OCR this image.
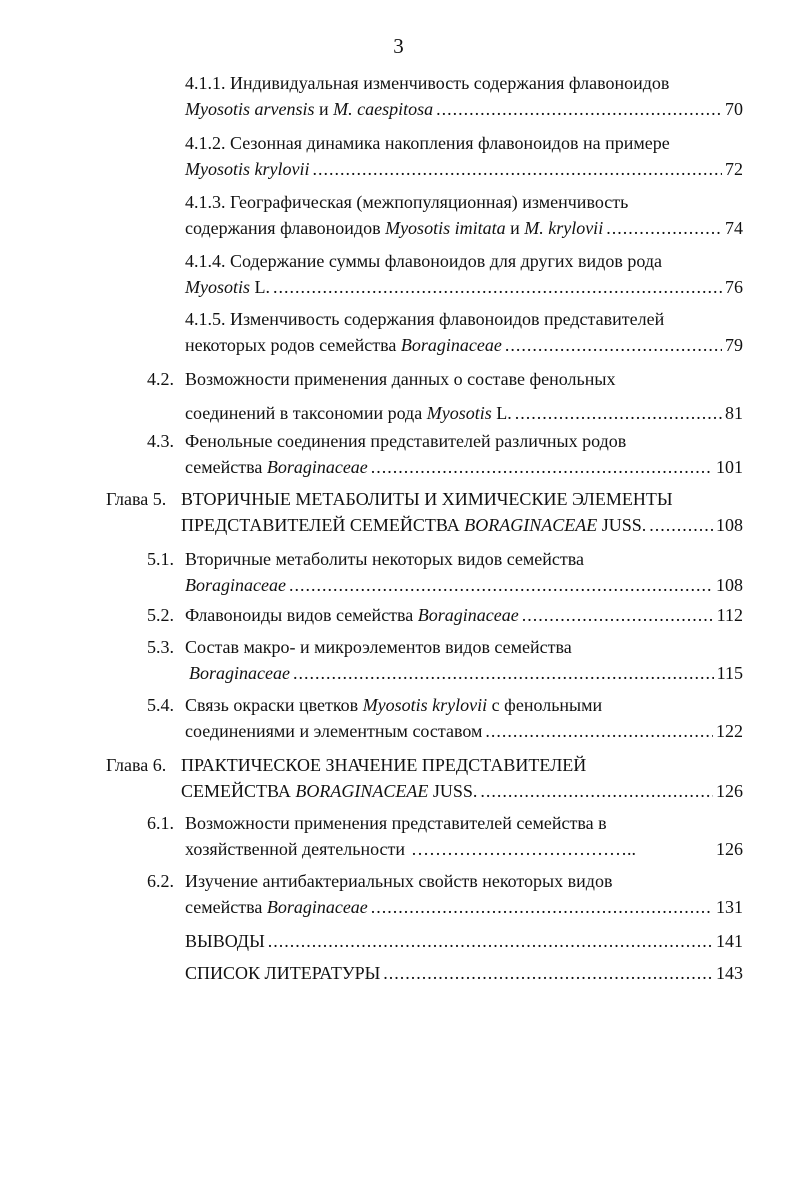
3
4.1.1. Индивидуальная изменчивость содержания флавоноидов
Myosotis arvensis и M. caespitosa .....	70
4.1.2. Сезонная динамика накопления флавоноидов на примере
Myosotis krylovii .....	72
4.1.3. Географическая (межпопуляционная) изменчивость
содержания флавоноидов Myosotis imitata и M. krylovii .....	74
4.1.4. Содержание суммы флавоноидов для других видов рода
Myosotis L. .....	76
4.1.5. Изменчивость содержания флавоноидов представителей
некоторых родов семейства Boraginaceae .....	79
4.2. Возможности применения данных о составе фенольных
соединений в таксономии рода Myosotis L. .....	81
4.3. Фенольные соединения представителей различных родов
семейства Boraginaceae .....	101
Глава 5. ВТОРИЧНЫЕ МЕТАБОЛИТЫ И ХИМИЧЕСКИЕ ЭЛЕМЕНТЫ
ПРЕДСТАВИТЕЛЕЙ СЕМЕЙСТВА BORAGINACEAE JUSS. .....	108
5.1. Вторичные метаболиты некоторых видов семейства
Boraginaceae .....	108
5.2. Флавоноиды видов семейства Boraginaceae .....	112
5.3. Состав макро- и микроэлементов видов семейства
Boraginaceae .....	115
5.4. Связь окраски цветков Myosotis krylovii с фенольными
соединениями и элементным составом .....	122
Глава 6. ПРАКТИЧЕСКОЕ ЗНАЧЕНИЕ ПРЕДСТАВИТЕЛЕЙ
СЕМЕЙСТВА BORAGINACEAE JUSS. .....	126
6.1. Возможности применения представителей семейства в
хозяйственной деятельности ………………………………..	126
6.2. Изучение антибактериальных свойств некоторых видов
семейства Boraginaceae .....	131
ВЫВОДЫ .....	141
СПИСОК ЛИТЕРАТУРЫ .....	143
